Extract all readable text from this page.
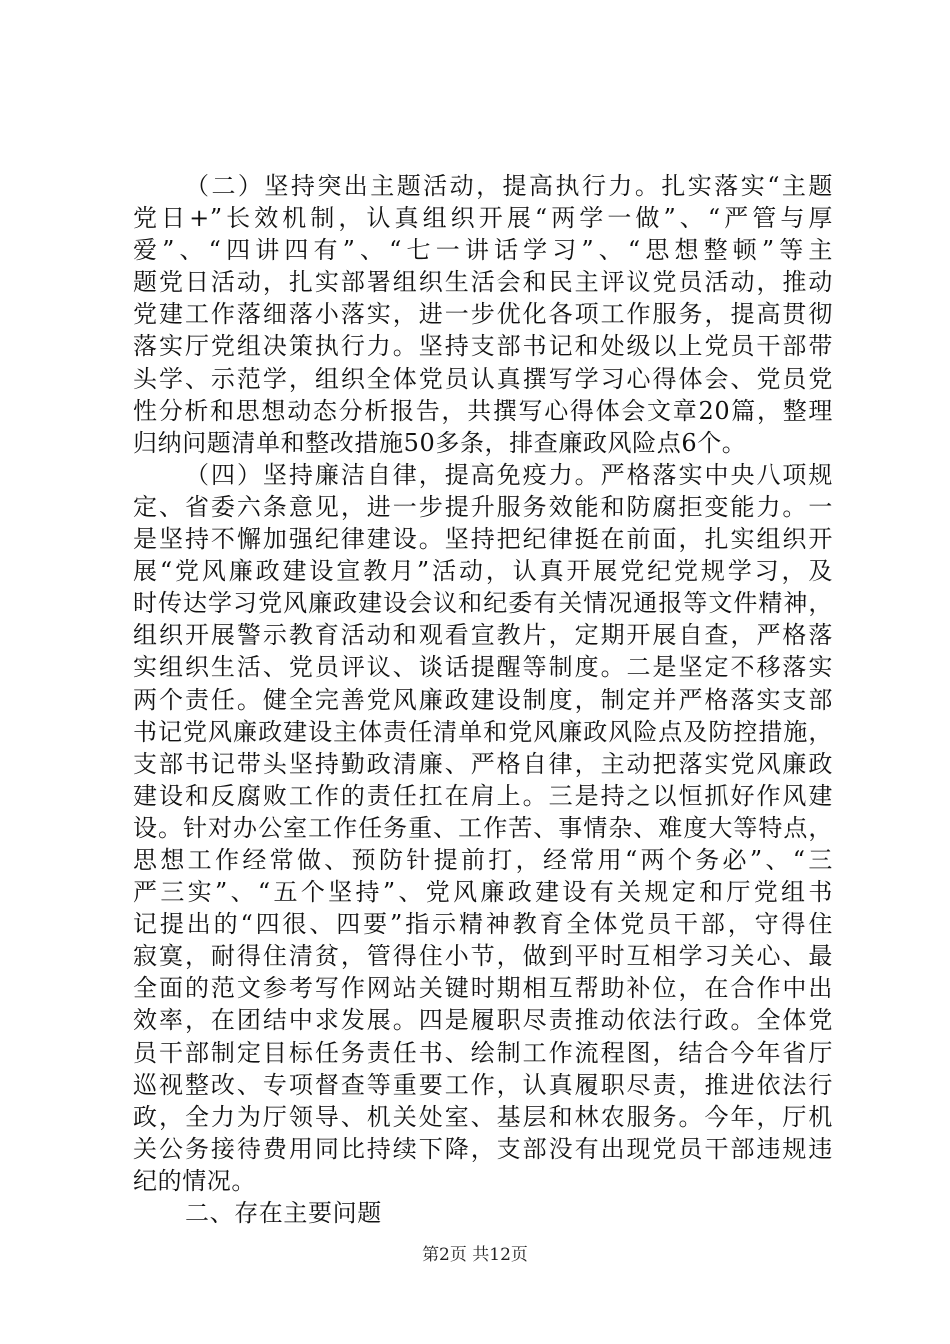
（二）坚持突出主题活动，提高执行力。扎实落实“主题
党日+”长效机制，认真组织开展“两学一做”、“严管与厚
爱”、“四讲四有”、“七一讲话学习”、“思想整顿”等主
题党日活动，扎实部署组织生活会和民主评议党员活动，推动
党建工作落细落小落实，进一步优化各项工作服务，提高贯彻
落实厅党组决策执行力。坚持支部书记和处级以上党员干部带
头学、示范学，组织全体党员认真撰写学习心得体会、党员党
性分析和思想动态分析报告，共撰写心得体会文章20篇，整理
归纳问题清单和整改措施50多条，排查廉政风险点6个。
（四）坚持廉洁自律，提高免疫力。严格落实中央八项规
定、省委六条意见，进一步提升服务效能和防腐拒变能力。一
是坚持不懈加强纪律建设。坚持把纪律挺在前面，扎实组织开
展“党风廉政建设宣教月”活动，认真开展党纪党规学习，及
时传达学习党风廉政建设会议和纪委有关情况通报等文件精神，
组织开展警示教育活动和观看宣教片，定期开展自查，严格落
实组织生活、党员评议、谈话提醒等制度。二是坚定不移落实
两个责任。健全完善党风廉政建设制度，制定并严格落实支部
书记党风廉政建设主体责任清单和党风廉政风险点及防控措施，
支部书记带头坚持勤政清廉、严格自律，主动把落实党风廉政
建设和反腐败工作的责任扛在肩上。三是持之以恒抓好作风建
设。针对办公室工作任务重、工作苦、事情杂、难度大等特点，
思想工作经常做、预防针提前打，经常用“两个务必”、“三
严三实”、“五个坚持”、党风廉政建设有关规定和厅党组书
记提出的“四很、四要”指示精神教育全体党员干部，守得住
寂寞，耐得住清贫，管得住小节，做到平时互相学习关心、最
全面的范文参考写作网站关键时期相互帮助补位，在合作中出
效率，在团结中求发展。四是履职尽责推动依法行政。全体党
员干部制定目标任务责任书、绘制工作流程图，结合今年省厅
巡视整改、专项督查等重要工作，认真履职尽责，推进依法行
政，全力为厅领导、机关处室、基层和林农服务。今年，厅机
关公务接待费用同比持续下降，支部没有出现党员干部违规违
纪的情况。
二、存在主要问题
第2页 共12页
